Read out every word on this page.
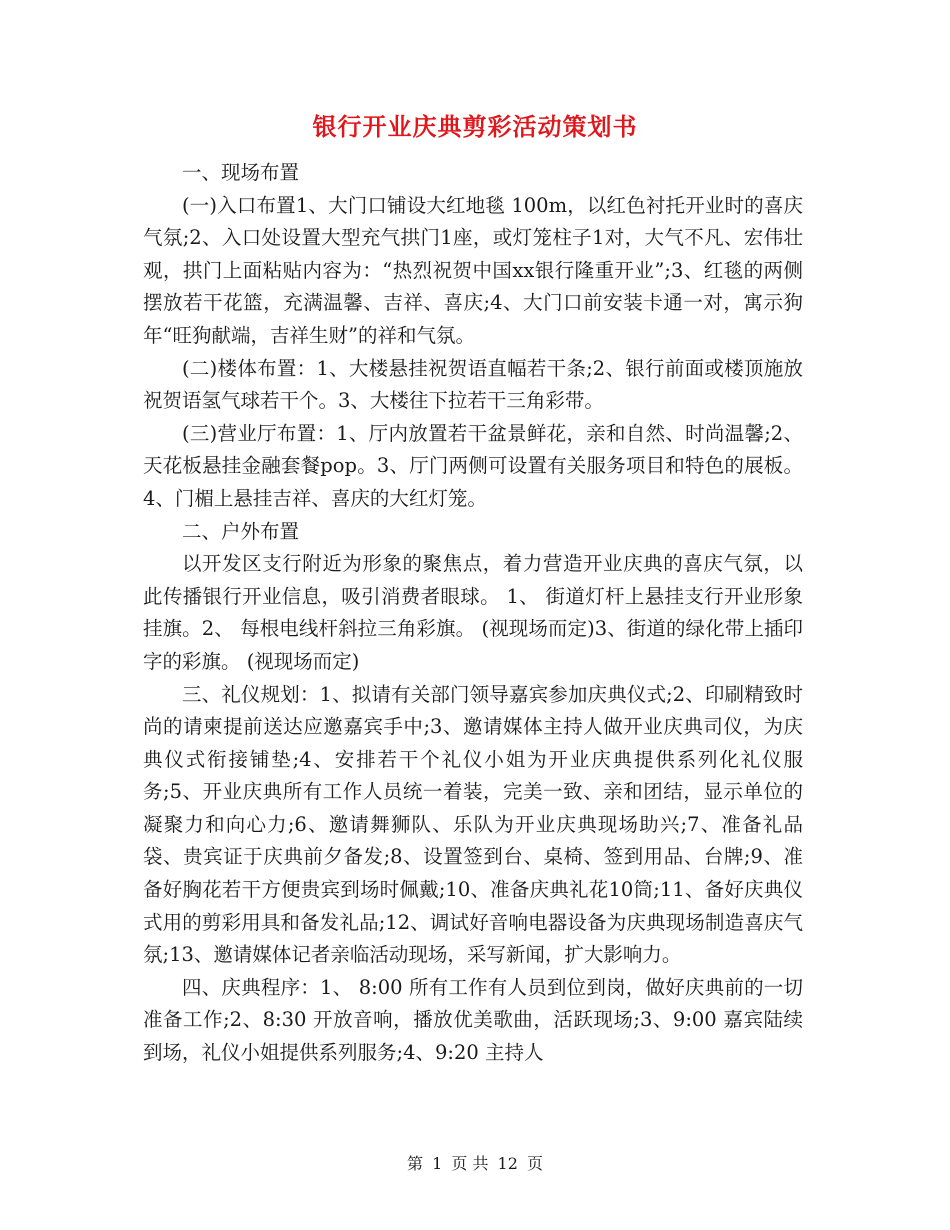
银行开业庆典剪彩活动策划书

一、现场布置

(一)入口布置1、大门口铺设大红地毯 100m，以红色衬托开业时的喜庆气氛;2、入口处设置大型充气拱门1座，或灯笼柱子1对，大气不凡、宏伟壮观，拱门上面粘贴内容为：“热烈祝贺中国xx银行隆重开业”;3、红毯的两侧摆放若干花篮，充满温馨、吉祥、喜庆;4、大门口前安装卡通一对，寓示狗年“旺狗献端，吉祥生财”的祥和气氛。

(二)楼体布置：1、大楼悬挂祝贺语直幅若干条;2、银行前面或楼顶施放祝贺语氢气球若干个。3、大楼往下拉若干三角彩带。

(三)营业厅布置：1、厅内放置若干盆景鲜花，亲和自然、时尚温馨;2、天花板悬挂金融套餐pop。3、厅门两侧可设置有关服务项目和特色的展板。4、门楣上悬挂吉祥、喜庆的大红灯笼。

二、户外布置

以开发区支行附近为形象的聚焦点，着力营造开业庆典的喜庆气氛，以此传播银行开业信息，吸引消费者眼球。 1、 街道灯杆上悬挂支行开业形象挂旗。2、 每根电线杆斜拉三角彩旗。 (视现场而定)3、街道的绿化带上插印字的彩旗。 (视现场而定)

三、礼仪规划：1、拟请有关部门领导嘉宾参加庆典仪式;2、印刷精致时尚的请柬提前送达应邀嘉宾手中;3、邀请媒体主持人做开业庆典司仪，为庆典仪式衔接铺垫;4、安排若干个礼仪小姐为开业庆典提供系列化礼仪服务;5、开业庆典所有工作人员统一着装，完美一致、亲和团结，显示单位的凝聚力和向心力;6、邀请舞狮队、乐队为开业庆典现场助兴;7、准备礼品袋、贵宾证于庆典前夕备发;8、设置签到台、桌椅、签到用品、台牌;9、准备好胸花若干方便贵宾到场时佩戴;10、准备庆典礼花10筒;11、备好庆典仪式用的剪彩用具和备发礼品;12、调试好音响电器设备为庆典现场制造喜庆气氛;13、邀请媒体记者亲临活动现场，采写新闻，扩大影响力。

四、庆典程序：1、 8:00 所有工作有人员到位到岗，做好庆典前的一切准备工作;2、8:30 开放音响，播放优美歌曲，活跃现场;3、9:00 嘉宾陆续到场，礼仪小姐提供系列服务;4、9:20 主持人

第 1 页 共 12 页
